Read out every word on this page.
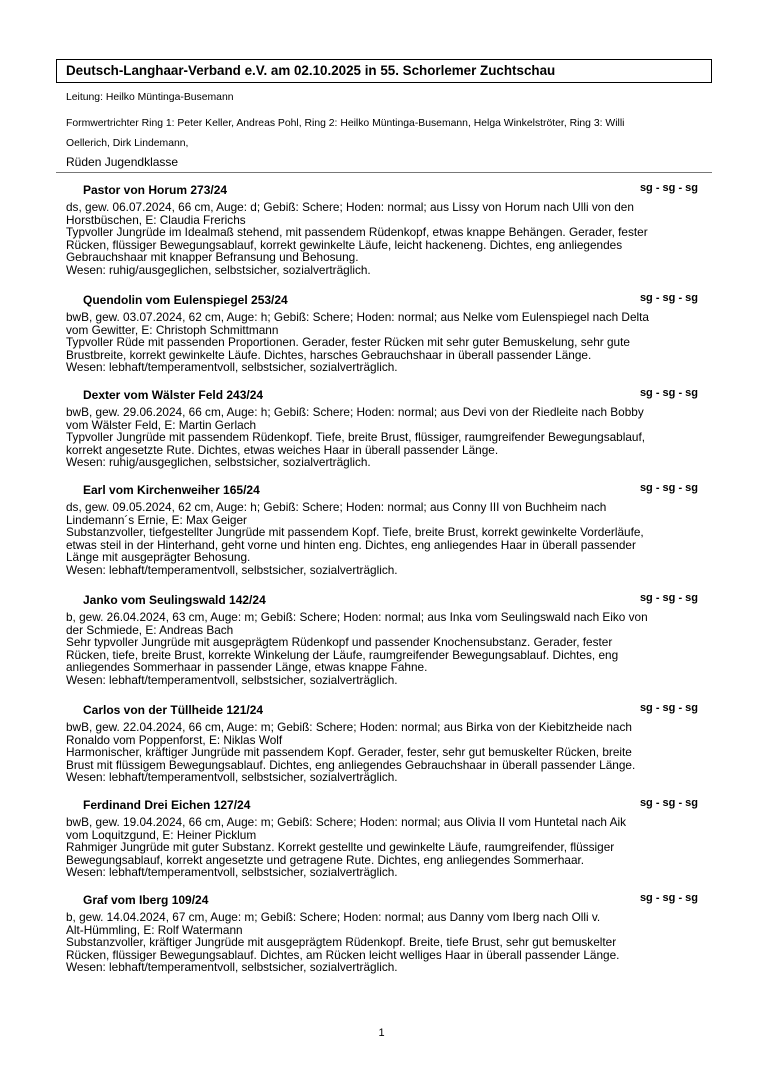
Deutsch-Langhaar-Verband e.V. am 02.10.2025 in 55. Schorlemer Zuchtschau
Leitung: Heilko Müntinga-Busemann
Formwertrichter Ring 1: Peter Keller, Andreas Pohl, Ring 2: Heilko Müntinga-Busemann, Helga Winkelströter, Ring 3: Willi
Oellerich, Dirk Lindemann,
Rüden Jugendklasse
Pastor von Horum 273/24	sg - sg - sg
ds, gew. 06.07.2024, 66 cm, Auge: d; Gebiß: Schere; Hoden: normal; aus Lissy von Horum nach Ulli von den
Horstbüschen, E: Claudia Frerichs
Typvoller Jungrüde im Idealmaß stehend, mit passendem Rüdenkopf, etwas knappe Behängen. Gerader, fester
Rücken, flüssiger Bewegungsablauf, korrekt gewinkelte Läufe, leicht hackeneng. Dichtes, eng anliegendes
Gebrauchshaar mit knapper Befransung und Behosung.
Wesen: ruhig/ausgeglichen, selbstsicher, sozialverträglich.
Quendolin vom Eulenspiegel 253/24	sg - sg - sg
bwB, gew. 03.07.2024, 62 cm, Auge: h; Gebiß: Schere; Hoden: normal; aus Nelke vom Eulenspiegel nach Delta
vom Gewitter, E: Christoph Schmittmann
Typvoller Rüde mit passenden Proportionen. Gerader, fester Rücken mit sehr guter Bemuskelung, sehr gute
Brustbreite, korrekt gewinkelte Läufe. Dichtes, harsches Gebrauchshaar in überall passender Länge.
Wesen: lebhaft/temperamentvoll, selbstsicher, sozialverträglich.
Dexter vom Wälster Feld 243/24	sg - sg - sg
bwB, gew. 29.06.2024, 66 cm, Auge: h; Gebiß: Schere; Hoden: normal; aus Devi von der Riedleite nach Bobby
vom Wälster Feld, E: Martin Gerlach
Typvoller Jungrüde mit passendem Rüdenkopf. Tiefe, breite Brust, flüssiger, raumgreifender Bewegungsablauf,
korrekt angesetzte Rute. Dichtes, etwas weiches Haar in überall passender Länge.
Wesen: ruhig/ausgeglichen, selbstsicher, sozialverträglich.
Earl vom Kirchenweiher 165/24	sg - sg - sg
ds, gew. 09.05.2024, 62 cm, Auge: h; Gebiß: Schere; Hoden: normal; aus Conny III von Buchheim nach
Lindemann´s Ernie, E: Max Geiger
Substanzvoller, tiefgestellter Jungrüde mit passendem Kopf. Tiefe, breite Brust, korrekt gewinkelte Vorderläufe,
etwas steil in der Hinterhand, geht vorne und hinten eng. Dichtes, eng anliegendes Haar in überall passender
Länge mit ausgeprägter Behosung.
Wesen: lebhaft/temperamentvoll, selbstsicher, sozialverträglich.
Janko vom Seulingswald 142/24	sg - sg - sg
b, gew. 26.04.2024, 63 cm, Auge: m; Gebiß: Schere; Hoden: normal; aus Inka vom Seulingswald nach Eiko von
der Schmiede, E: Andreas Bach
Sehr typvoller Jungrüde mit ausgeprägtem Rüdenkopf und passender Knochensubstanz. Gerader, fester
Rücken, tiefe, breite Brust, korrekte Winkelung der Läufe, raumgreifender Bewegungsablauf. Dichtes, eng
anliegendes Sommerhaar in passender Länge, etwas knappe Fahne.
Wesen: lebhaft/temperamentvoll, selbstsicher, sozialverträglich.
Carlos von der Tüllheide 121/24	sg - sg - sg
bwB, gew. 22.04.2024, 66 cm, Auge: m; Gebiß: Schere; Hoden: normal; aus Birka von der Kiebitzheide nach
Ronaldo vom Poppenforst, E: Niklas Wolf
Harmonischer, kräftiger Jungrüde mit passendem Kopf. Gerader, fester, sehr gut bemuskelter Rücken, breite
Brust mit flüssigem Bewegungsablauf. Dichtes, eng anliegendes Gebrauchshaar in überall passender Länge.
Wesen: lebhaft/temperamentvoll, selbstsicher, sozialverträglich.
Ferdinand Drei Eichen 127/24	sg - sg - sg
bwB, gew. 19.04.2024, 66 cm, Auge: m; Gebiß: Schere; Hoden: normal; aus Olivia II vom Huntetal nach Aik
vom Loquitzgund, E: Heiner Picklum
Rahmiger Jungrüde mit guter Substanz. Korrekt gestellte und gewinkelte Läufe, raumgreifender, flüssiger
Bewegungsablauf, korrekt angesetzte und getragene Rute. Dichtes, eng anliegendes Sommerhaar.
Wesen: lebhaft/temperamentvoll, selbstsicher, sozialverträglich.
Graf vom Iberg 109/24	sg - sg - sg
b, gew. 14.04.2024, 67 cm, Auge: m; Gebiß: Schere; Hoden: normal; aus Danny vom Iberg nach Olli v.
Alt-Hümmling, E: Rolf Watermann
Substanzvoller, kräftiger Jungrüde mit ausgeprägtem Rüdenkopf. Breite, tiefe Brust, sehr gut bemuskelter
Rücken, flüssiger Bewegungsablauf. Dichtes, am Rücken leicht welliges Haar in überall passender Länge.
Wesen: lebhaft/temperamentvoll, selbstsicher, sozialverträglich.
1
